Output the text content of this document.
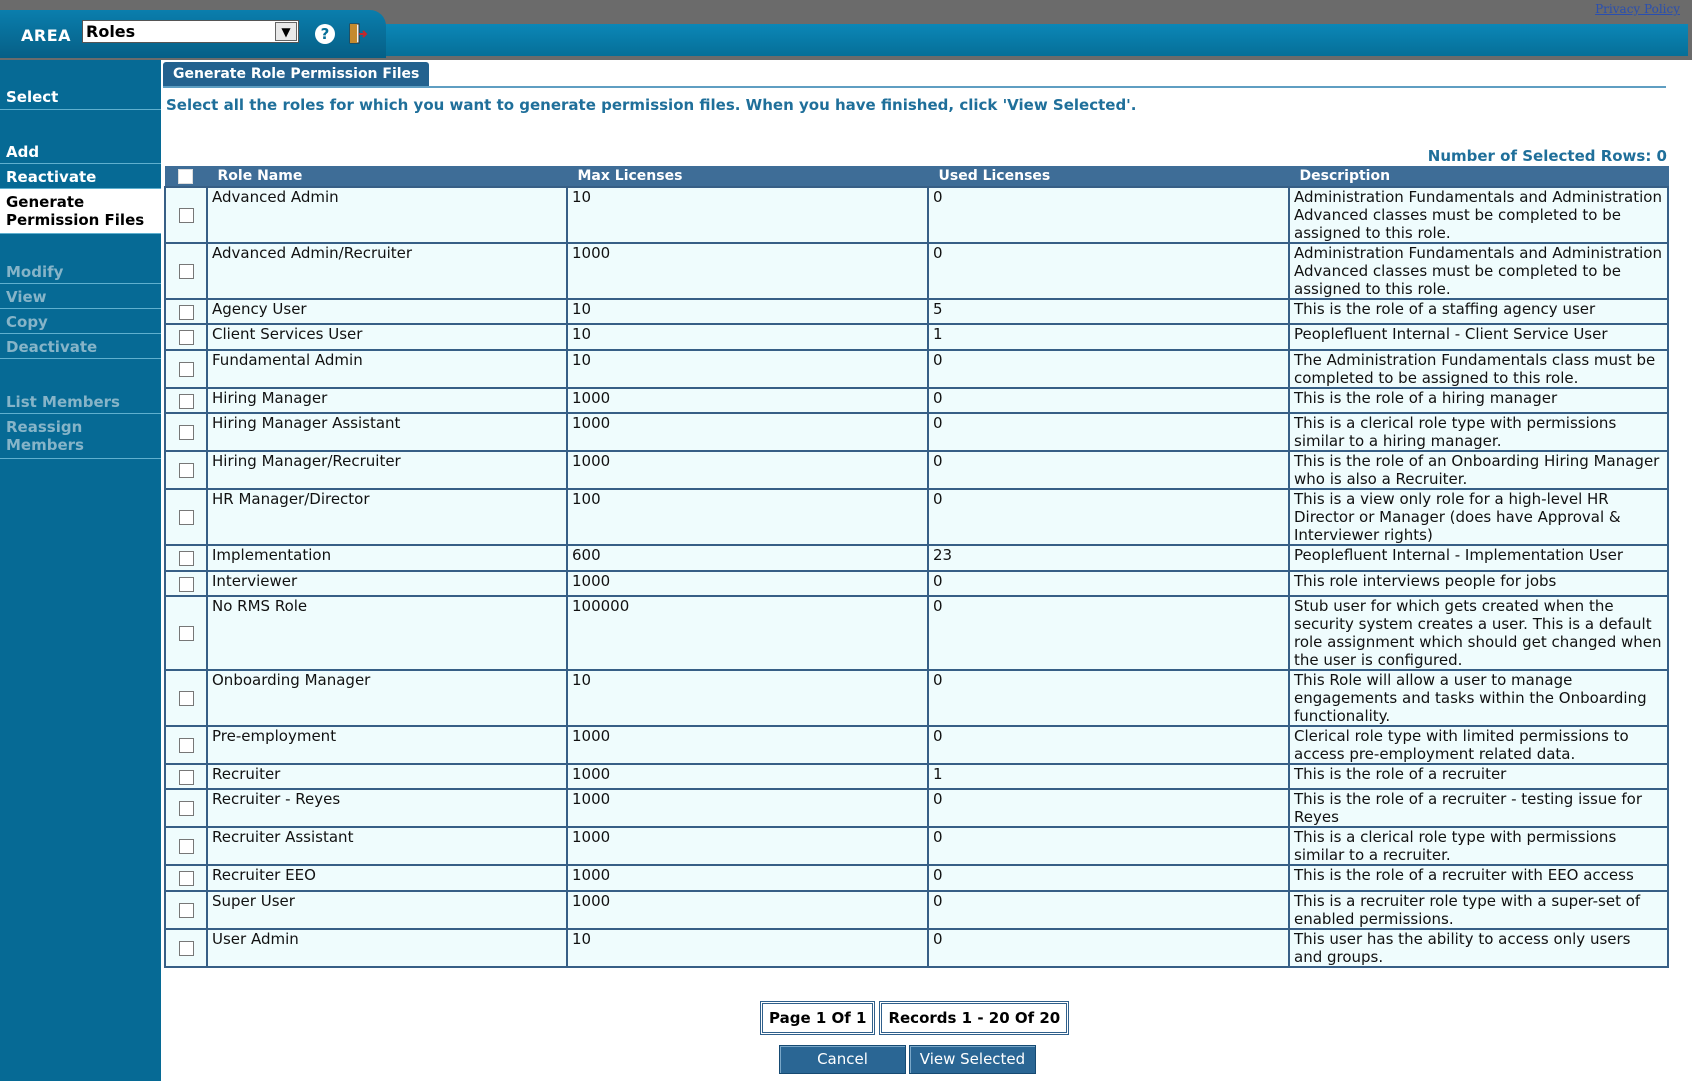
AREA Roles	▼	?
Privacy Policy
Select
Add
Reactivate
Generate Permission Files
Modify
View
Copy
Deactivate
List Members
Reassign Members
Generate Role Permission Files
Select all the roles for which you want to generate permission files. When you have finished, click 'View Selected'.
Number of Selected Rows: 0
	Role Name	Max Licenses	Used Licenses	Description
	Advanced Admin	10	0	Administration Fundamentals and Administration Advanced classes must be completed to be assigned to this role.
	Advanced Admin/Recruiter	1000	0	Administration Fundamentals and Administration Advanced classes must be completed to be assigned to this role.
	Agency User	10	5	This is the role of a staffing agency user
	Client Services User	10	1	Peoplefluent Internal - Client Service User
	Fundamental Admin	10	0	The Administration Fundamentals class must be completed to be assigned to this role.
	Hiring Manager	1000	0	This is the role of a hiring manager
	Hiring Manager Assistant	1000	0	This is a clerical role type with permissions similar to a hiring manager.
	Hiring Manager/Recruiter	1000	0	This is the role of an Onboarding Hiring Manager who is also a Recruiter.
	HR Manager/Director	100	0	This is a view only role for a high-level HR Director or Manager (does have Approval & Interviewer rights)
	Implementation	600	23	Peoplefluent Internal - Implementation User
	Interviewer	1000	0	This role interviews people for jobs
	No RMS Role	100000	0	Stub user for which gets created when the security system creates a user. This is a default role assignment which should get changed when the user is configured.
	Onboarding Manager	10	0	This Role will allow a user to manage engagements and tasks within the Onboarding functionality.
	Pre-employment	1000	0	Clerical role type with limited permissions to access pre-employment related data.
	Recruiter	1000	1	This is the role of a recruiter
	Recruiter - Reyes	1000	0	This is the role of a recruiter - testing issue for Reyes
	Recruiter Assistant	1000	0	This is a clerical role type with permissions similar to a recruiter.
	Recruiter EEO	1000	0	This is the role of a recruiter with EEO access
	Super User	1000	0	This is a recruiter role type with a super-set of enabled permissions.
	User Admin	10	0	This user has the ability to access only users and groups.
Page 1 Of 1	Records 1 - 20 Of 20
Cancel	View Selected
